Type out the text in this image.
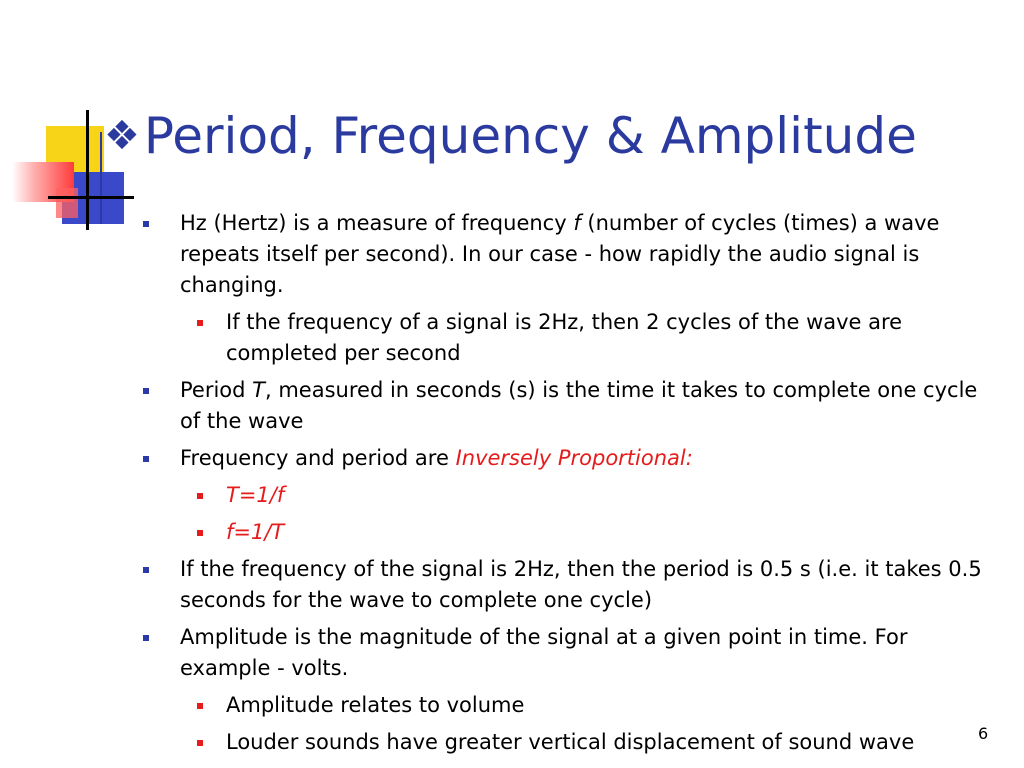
❖ Period, Frequency & Amplitude
Hz (Hertz) is a measure of frequency f (number of cycles (times) a wave repeats itself per second). In our case - how rapidly the audio signal is changing.
If the frequency of a signal is 2Hz, then 2 cycles of the wave are completed per second
Period T, measured in seconds (s) is the time it takes to complete one cycle of the wave
Frequency and period are Inversely Proportional:
T=1/f
f=1/T
If the frequency of the signal is 2Hz, then the period is 0.5 s (i.e. it takes 0.5 seconds for the wave to complete one cycle)
Amplitude is the magnitude of the signal at a given point in time. For example - volts.
Amplitude relates to volume
Louder sounds have greater vertical displacement of sound wave	6
